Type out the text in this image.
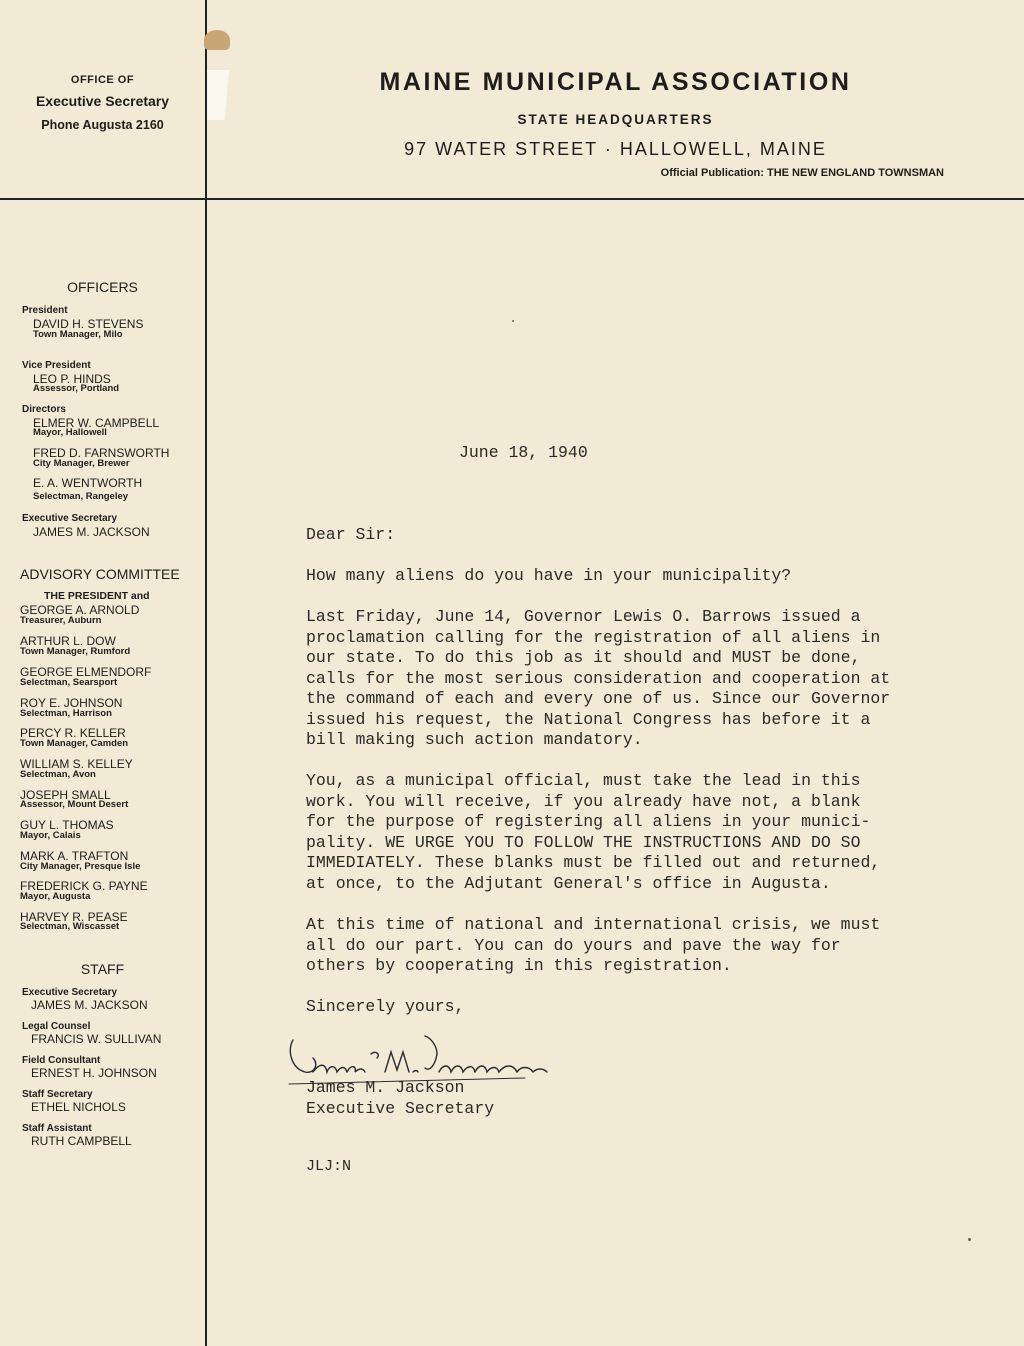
OFFICE OF
Executive Secretary
Phone Augusta 2160
MAINE MUNICIPAL ASSOCIATION
STATE HEADQUARTERS
97 WATER STREET · HALLOWELL, MAINE
Official Publication: THE NEW ENGLAND TOWNSMAN
OFFICERS
President
DAVID H. STEVENS
Town Manager, Milo
Vice President
LEO P. HINDS
Assessor, Portland
Directors
ELMER W. CAMPBELL
Mayor, Hallowell
FRED D. FARNSWORTH
City Manager, Brewer
E. A. WENTWORTH
Selectman, Rangeley
Executive Secretary
JAMES M. JACKSON
ADVISORY COMMITTEE
THE PRESIDENT and
GEORGE A. ARNOLD
Treasurer, Auburn
ARTHUR L. DOW
Town Manager, Rumford
GEORGE ELMENDORF
Selectman, Searsport
ROY E. JOHNSON
Selectman, Harrison
PERCY R. KELLER
Town Manager, Camden
WILLIAM S. KELLEY
Selectman, Avon
JOSEPH SMALL
Assessor, Mount Desert
GUY L. THOMAS
Mayor, Calais
MARK A. TRAFTON
City Manager, Presque Isle
FREDERICK G. PAYNE
Mayor, Augusta
HARVEY R. PEASE
Selectman, Wiscasset
STAFF
Executive Secretary
JAMES M. JACKSON
Legal Counsel
FRANCIS W. SULLIVAN
Field Consultant
ERNEST H. JOHNSON
Staff Secretary
ETHEL NICHOLS
Staff Assistant
RUTH CAMPBELL
June 18, 1940
Dear Sir:
How many aliens do you have in your municipality?
Last Friday, June 14, Governor Lewis O. Barrows issued a
proclamation calling for the registration of all aliens in
our state. To do this job as it should and MUST be done,
calls for the most serious consideration and cooperation at
the command of each and every one of us. Since our Governor
issued his request, the National Congress has before it a
bill making such action mandatory.
You, as a municipal official, must take the lead in this
work. You will receive, if you already have not, a blank
for the purpose of registering all aliens in your munici-
pality. WE URGE YOU TO FOLLOW THE INSTRUCTIONS AND DO SO
IMMEDIATELY. These blanks must be filled out and returned,
at once, to the Adjutant General's office in Augusta.
At this time of national and international crisis, we must
all do our part. You can do yours and pave the way for
others by cooperating in this registration.
Sincerely yours,
James M. Jackson
Executive Secretary
JLJ:N
